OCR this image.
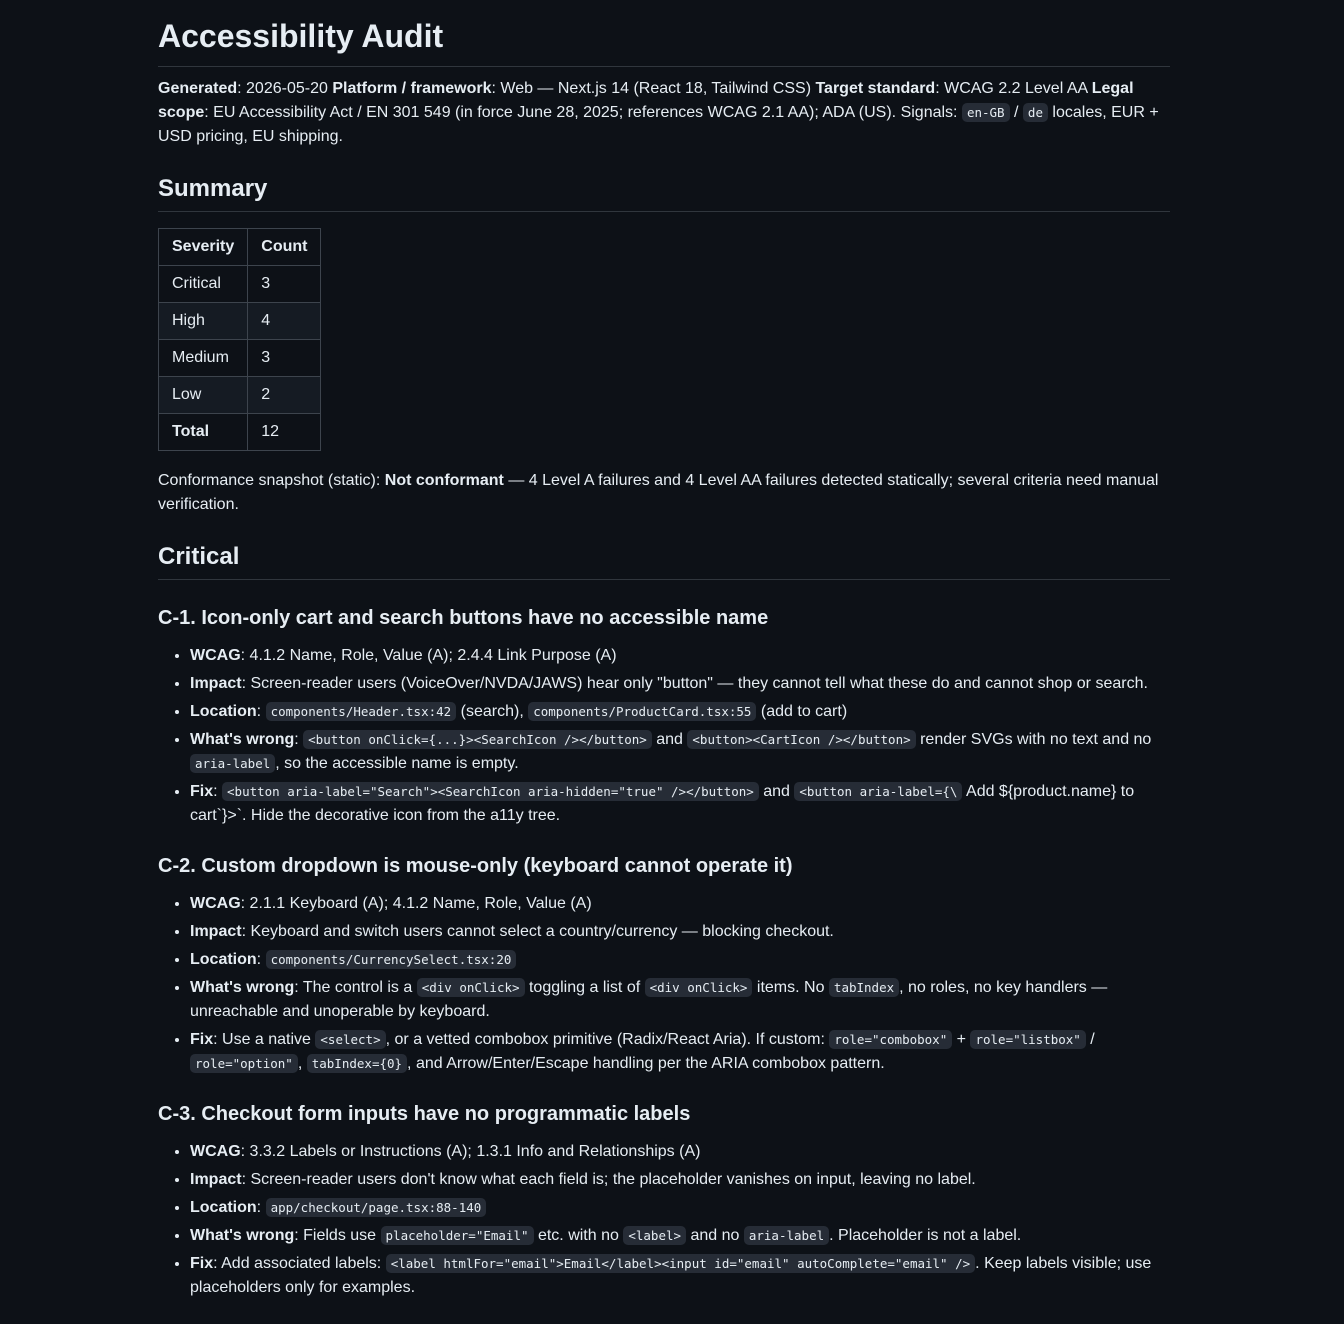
Accessibility Audit

Generated: 2026-05-20 Platform / framework: Web — Next.js 14 (React 18, Tailwind CSS) Target standard: WCAG 2.2 Level AA Legal scope: EU Accessibility Act / EN 301 549 (in force June 28, 2025; references WCAG 2.1 AA); ADA (US). Signals: en-GB / de locales, EUR + USD pricing, EU shipping.

Summary
Severity	Count
Critical	3
High	4
Medium	3
Low	2
Total	12

Conformance snapshot (static): Not conformant — 4 Level A failures and 4 Level AA failures detected statically; several criteria need manual verification.

Critical
C-1. Icon-only cart and search buttons have no accessible name
• WCAG: 4.1.2 Name, Role, Value (A); 2.4.4 Link Purpose (A)
• Impact: Screen-reader users (VoiceOver/NVDA/JAWS) hear only "button" — they cannot tell what these do and cannot shop or search.
• Location: components/Header.tsx:42 (search), components/ProductCard.tsx:55 (add to cart)
• What's wrong: <button onClick={...}><SearchIcon /></button> and <button><CartIcon /></button> render SVGs with no text and no aria-label , so the accessible name is empty.
• Fix: <button aria-label="Search"><SearchIcon aria-hidden="true" /></button> and <button aria-label={\ Add ${product.name} to cart`}>`. Hide the decorative icon from the a11y tree.
C-2. Custom dropdown is mouse-only (keyboard cannot operate it)
• WCAG: 2.1.1 Keyboard (A); 4.1.2 Name, Role, Value (A)
• Impact: Keyboard and switch users cannot select a country/currency — blocking checkout.
• Location: components/CurrencySelect.tsx:20
• What's wrong: The control is a <div onClick> toggling a list of <div onClick> items. No tabIndex , no roles, no key handlers — unreachable and unoperable by keyboard.
• Fix: Use a native <select> , or a vetted combobox primitive (Radix/React Aria). If custom: role="combobox" + role="listbox" / role="option" , tabIndex={0} , and Arrow/Enter/Escape handling per the ARIA combobox pattern.
C-3. Checkout form inputs have no programmatic labels
• WCAG: 3.3.2 Labels or Instructions (A); 1.3.1 Info and Relationships (A)
• Impact: Screen-reader users don't know what each field is; the placeholder vanishes on input, leaving no label.
• Location: app/checkout/page.tsx:88-140
• What's wrong: Fields use placeholder="Email" etc. with no <label> and no aria-label . Placeholder is not a label.
• Fix: Add associated labels: <label htmlFor="email">Email</label><input id="email" autoComplete="email" /> . Keep labels visible; use placeholders only for examples.
